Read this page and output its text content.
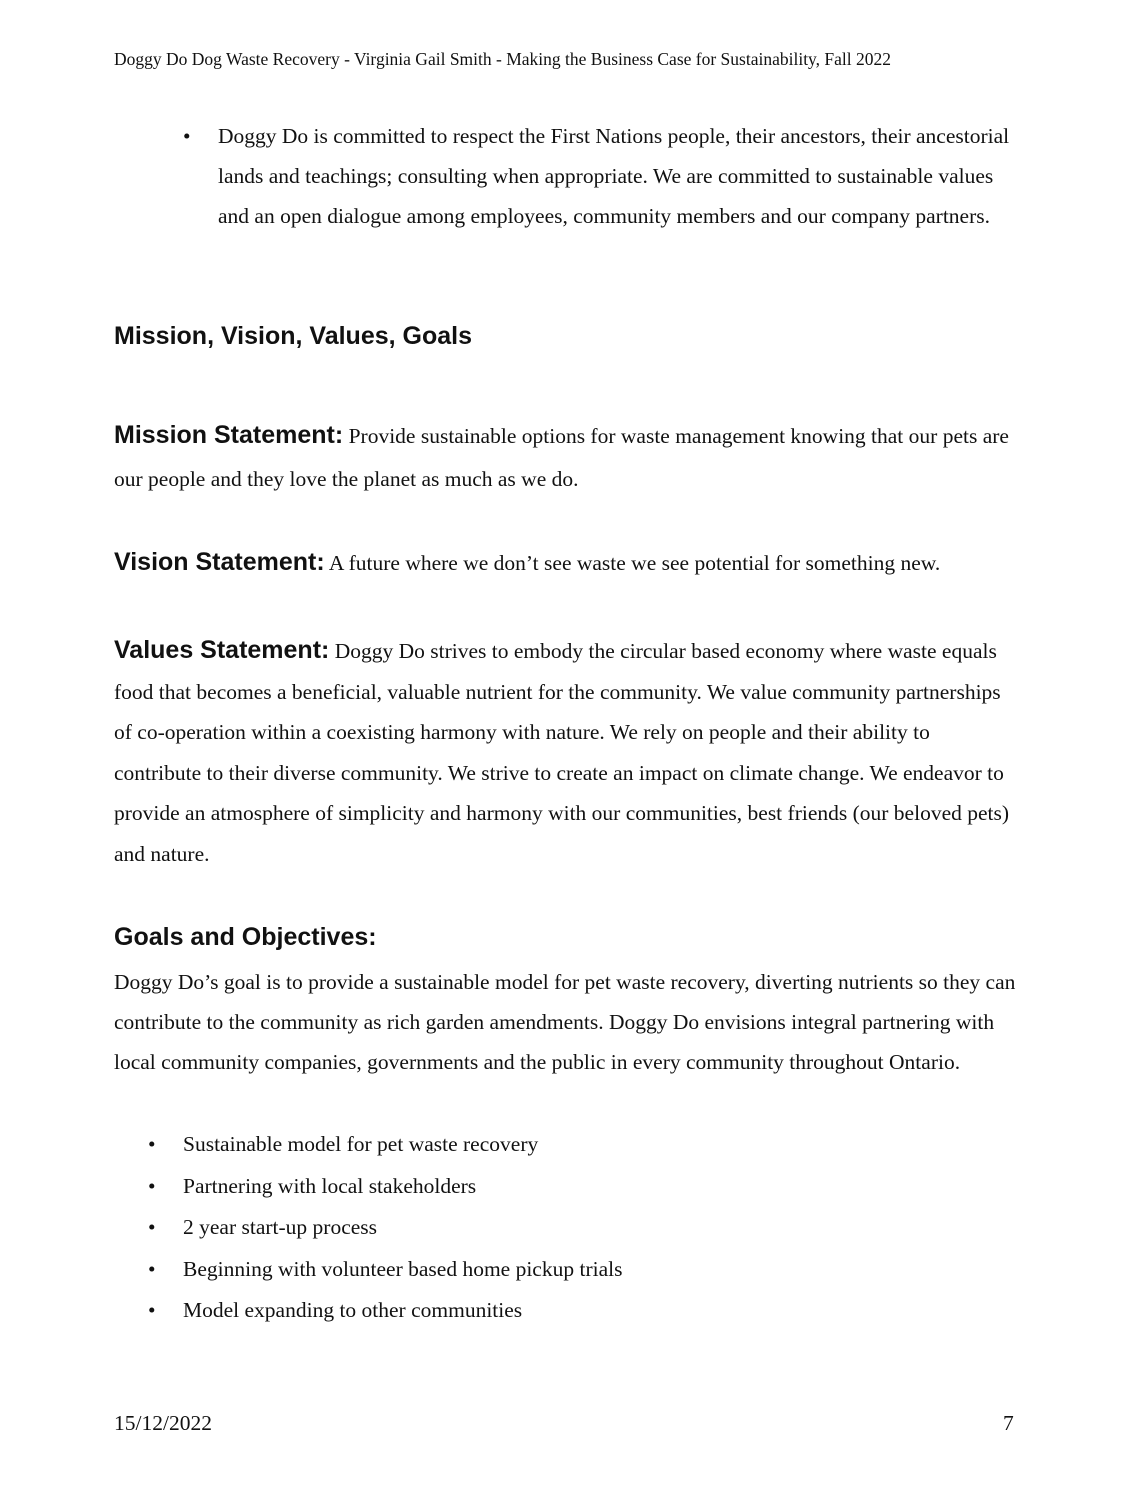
Doggy Do Dog Waste Recovery - Virginia Gail Smith - Making the Business Case for Sustainability, Fall 2022
• Doggy Do is committed to respect the First Nations people, their ancestors, their ancestorial lands and teachings; consulting when appropriate. We are committed to sustainable values and an open dialogue among employees, community members and our company partners.
Mission, Vision, Values, Goals
Mission Statement: Provide sustainable options for waste management knowing that our pets are our people and they love the planet as much as we do.
Vision Statement: A future where we don’t see waste we see potential for something new.
Values Statement: Doggy Do strives to embody the circular based economy where waste equals food that becomes a beneficial, valuable nutrient for the community. We value community partnerships of co-operation within a coexisting harmony with nature. We rely on people and their ability to contribute to their diverse community. We strive to create an impact on climate change. We endeavor to provide an atmosphere of simplicity and harmony with our communities, best friends (our beloved pets) and nature.
Goals and Objectives:
Doggy Do’s goal is to provide a sustainable model for pet waste recovery, diverting nutrients so they can contribute to the community as rich garden amendments. Doggy Do envisions integral partnering with local community companies, governments and the public in every community throughout Ontario.
• Sustainable model for pet waste recovery
• Partnering with local stakeholders
• 2 year start-up process
• Beginning with volunteer based home pickup trials
• Model expanding to other communities
15/12/2022	7
